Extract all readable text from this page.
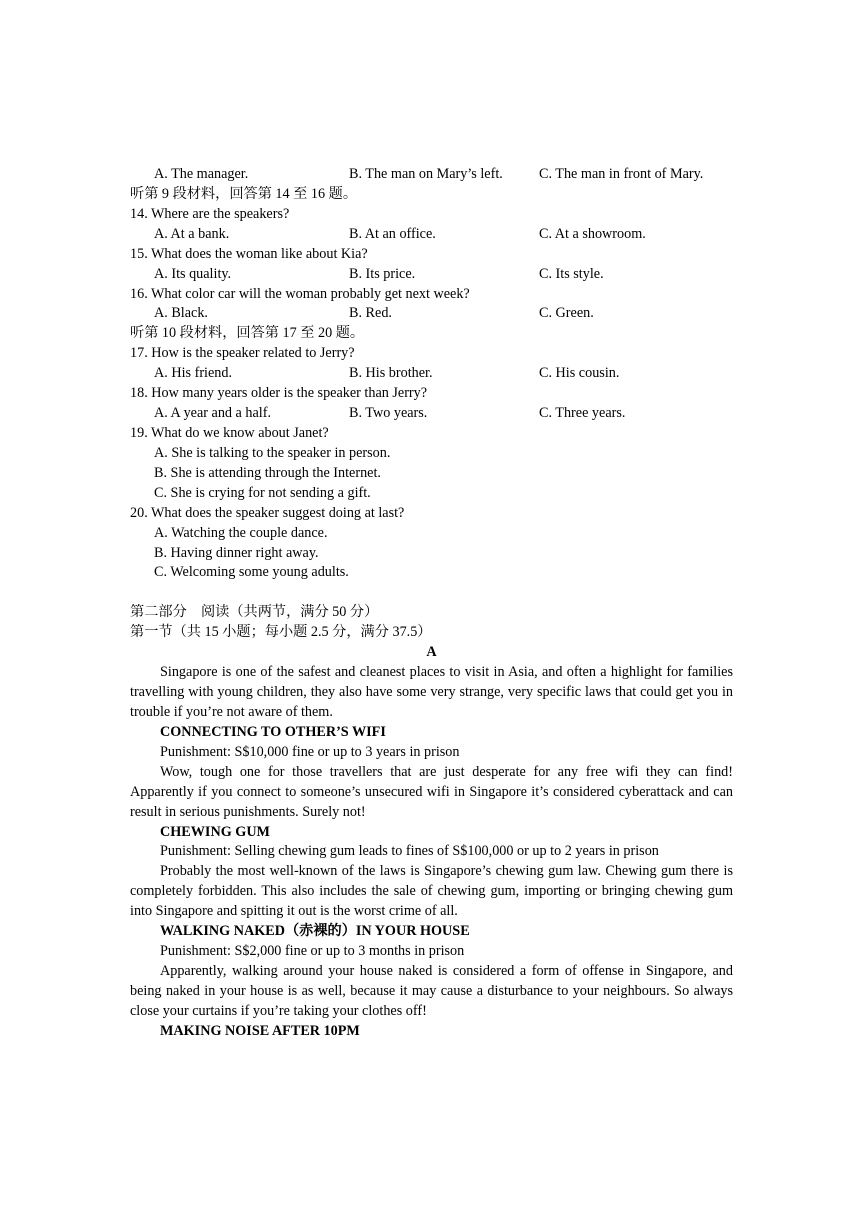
A. The manager.	B. The man on Mary’s left.	C. The man in front of Mary.
听第 9 段材料，回答第 14 至 16 题。
14. Where are the speakers?
A. At a bank.	B. At an office.	C. At a showroom.
15. What does the woman like about Kia?
A. Its quality.	B. Its price.	C. Its style.
16. What color car will the woman probably get next week?
A. Black.	B. Red.	C. Green.
听第 10 段材料，回答第 17 至 20 题。
17. How is the speaker related to Jerry?
A. His friend.	B. His brother.	C. His cousin.
18. How many years older is the speaker than Jerry?
A. A year and a half.	B. Two years.	C. Three years.
19. What do we know about Janet?
A. She is talking to the speaker in person.
B. She is attending through the Internet.
C. She is crying for not sending a gift.
20. What does the speaker suggest doing at last?
A. Watching the couple dance.
B. Having dinner right away.
C. Welcoming some young adults.
第二部分　阅读（共两节，满分 50 分）
第一节（共 15 小题；每小题 2.5 分，满分 37.5）
A
Singapore is one of the safest and cleanest places to visit in Asia, and often a highlight for families travelling with young children, they also have some very strange, very specific laws that could get you in trouble if you’re not aware of them.
CONNECTING TO OTHER’S WIFI
Punishment: S$10,000 fine or up to 3 years in prison
Wow, tough one for those travellers that are just desperate for any free wifi they can find! Apparently if you connect to someone’s unsecured wifi in Singapore it’s considered cyberattack and can result in serious punishments. Surely not!
CHEWING GUM
Punishment: Selling chewing gum leads to fines of S$100,000 or up to 2 years in prison
Probably the most well-known of the laws is Singapore’s chewing gum law. Chewing gum there is completely forbidden. This also includes the sale of chewing gum, importing or bringing chewing gum into Singapore and spitting it out is the worst crime of all.
WALKING NAKED（赤裸的）IN YOUR HOUSE
Punishment: S$2,000 fine or up to 3 months in prison
Apparently, walking around your house naked is considered a form of offense in Singapore, and being naked in your house is as well, because it may cause a disturbance to your neighbours. So always close your curtains if you’re taking your clothes off!
MAKING NOISE AFTER 10PM
